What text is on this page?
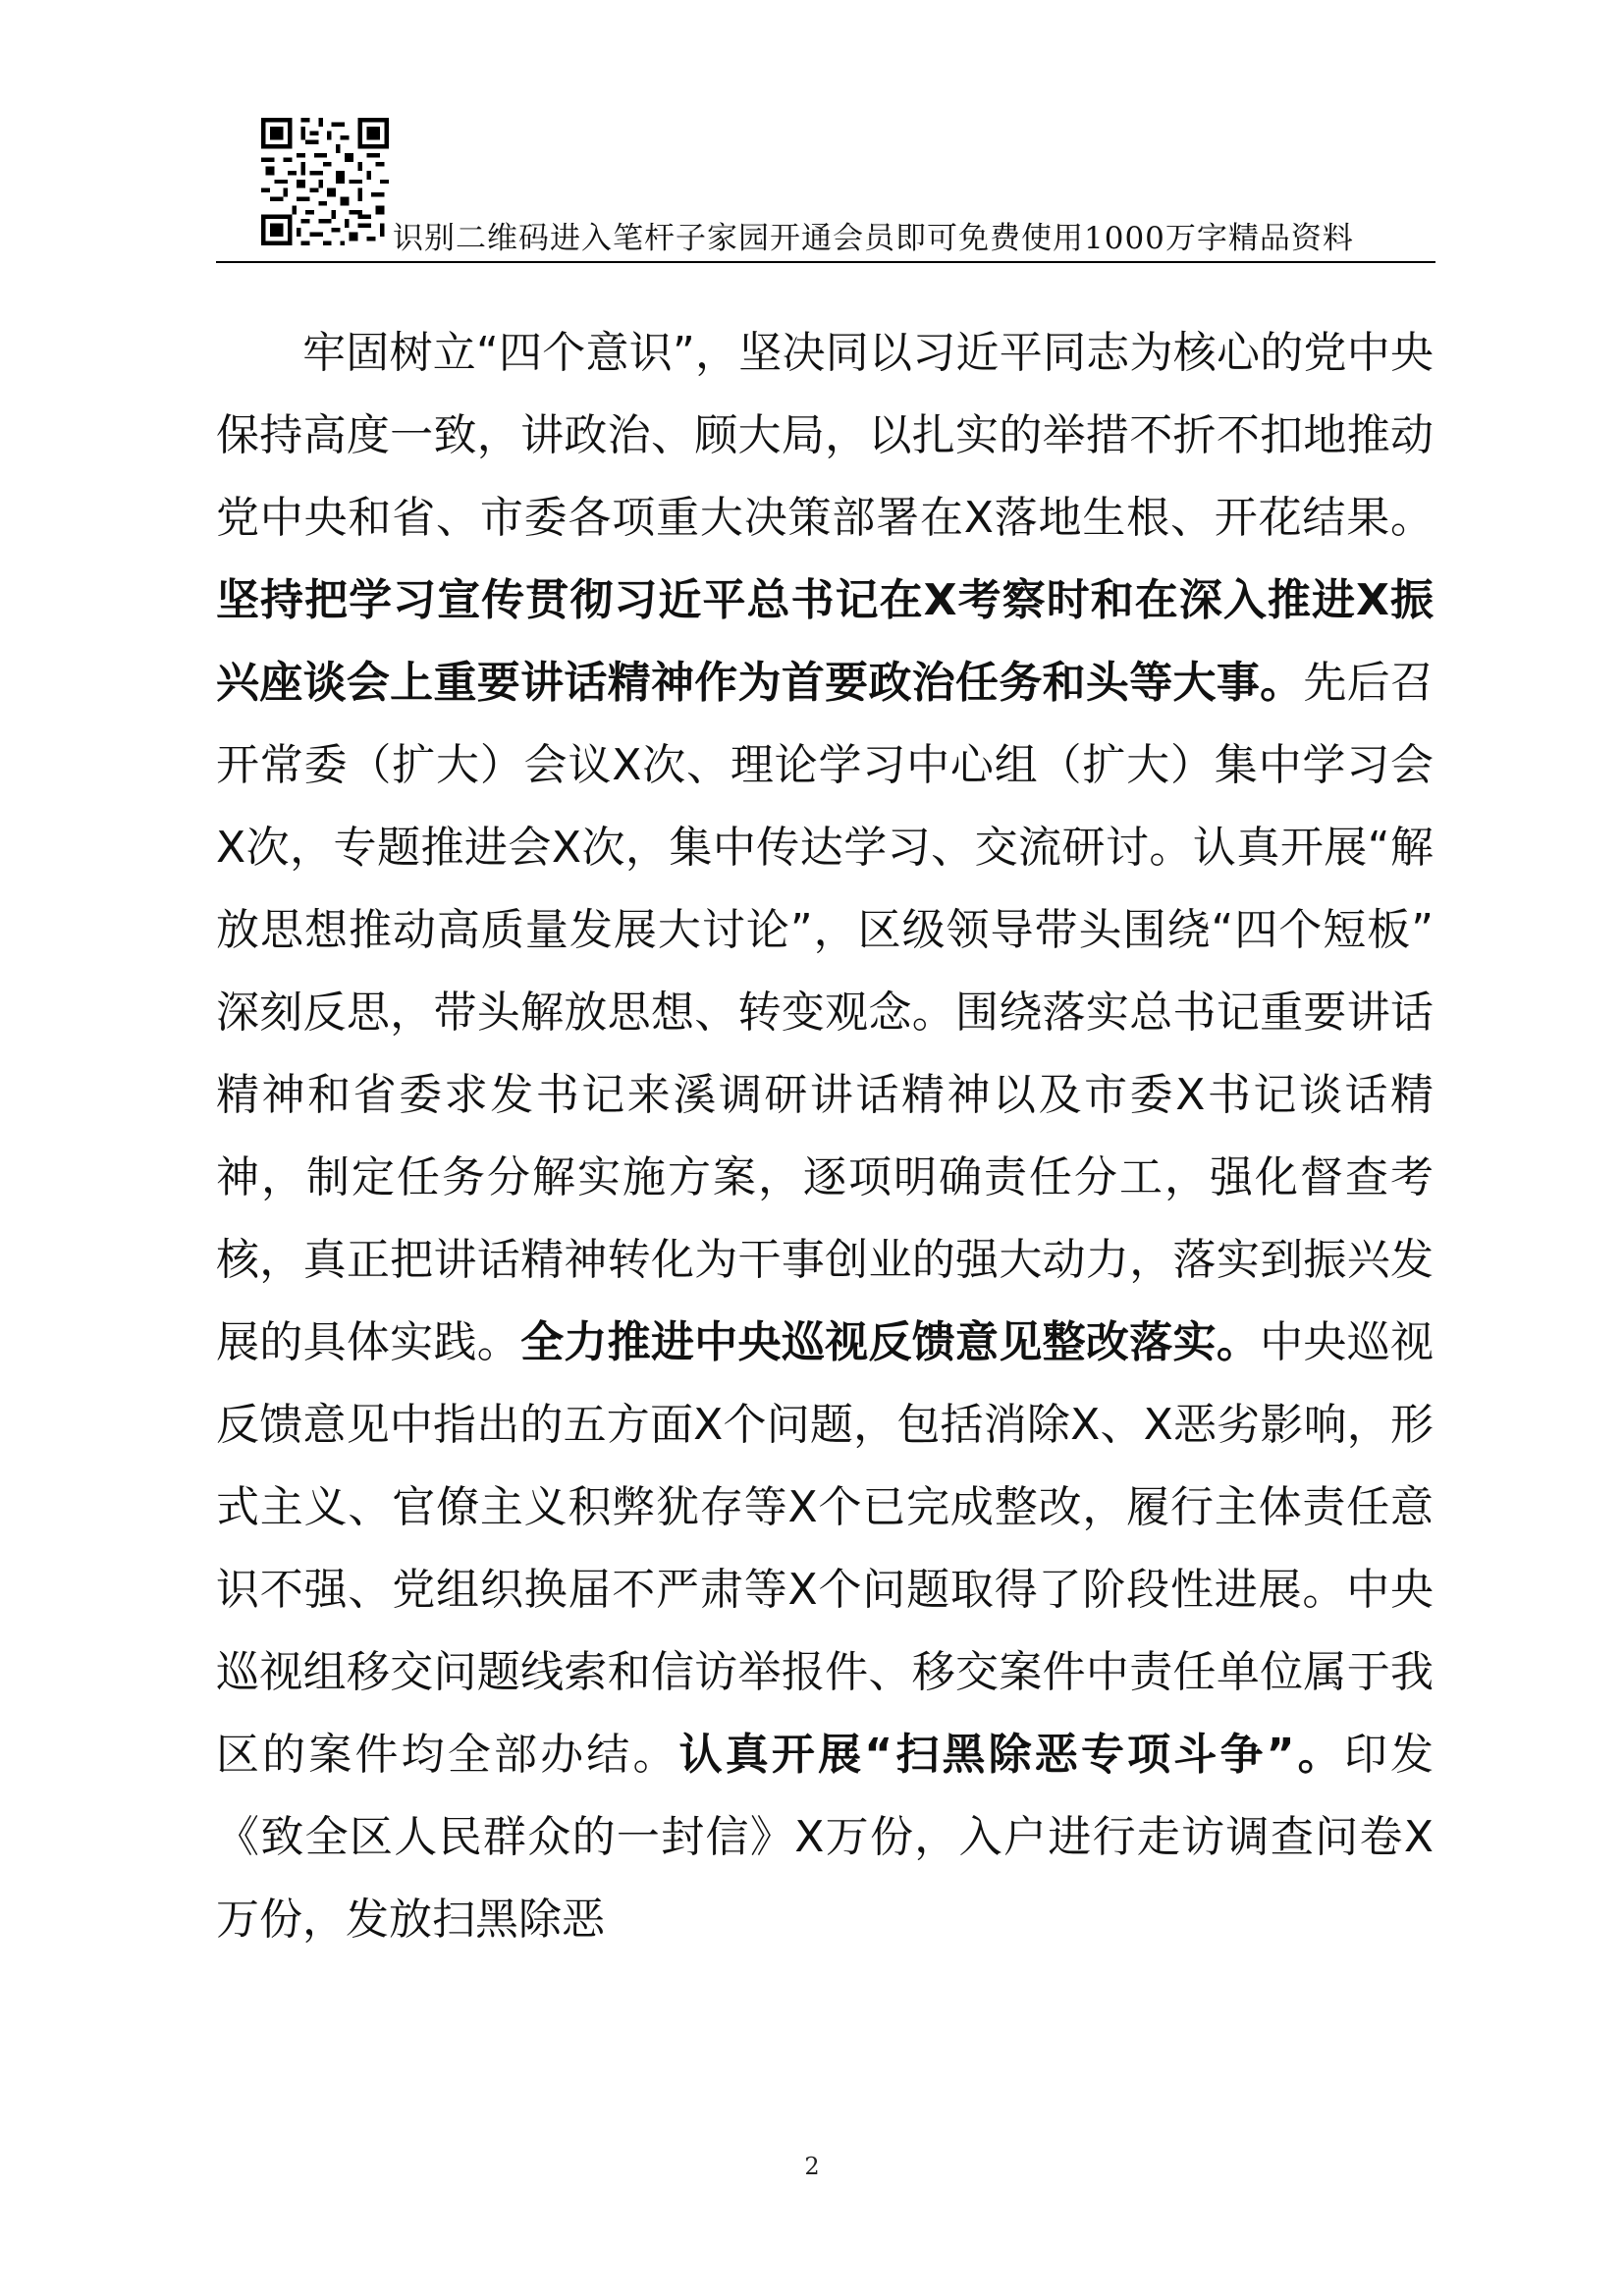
识别二维码进入笔杆子家园开通会员即可免费使用1000万字精品资料

牢固树立“四个意识”，坚决同以习近平同志为核心的党中央保持高度一致，讲政治、顾大局，以扎实的举措不折不扣地推动党中央和省、市委各项重大决策部署在X落地生根、开花结果。坚持把学习宣传贯彻习近平总书记在X考察时和在深入推进X振兴座谈会上重要讲话精神作为首要政治任务和头等大事。先后召开常委（扩大）会议X次、理论学习中心组（扩大）集中学习会X次，专题推进会X次，集中传达学习、交流研讨。认真开展“解放思想推动高质量发展大讨论”，区级领导带头围绕“四个短板” 深刻反思，带头解放思想、转变观念。围绕落实总书记重要讲话精神和省委求发书记来溪调研讲话精神以及市委X书记谈话精神，制定任务分解实施方案，逐项明确责任分工，强化督查考核，真正把讲话精神转化为干事创业的强大动力，落实到振兴发展的具体实践。全力推进中央巡视反馈意见整改落实。中央巡视反馈意见中指出的五方面X个问题，包括消除X、X恶劣影响，形式主义、官僚主义积弊犹存等X个已完成整改，履行主体责任意识不强、党组织换届不严肃等X个问题取得了阶段性进展。中央巡视组移交问题线索和信访举报件、移交案件中责任单位属于我区的案件均全部办结。认真开展“扫黑除恶专项斗争”。印发《致全区人民群众的一封信》X万份，入户进行走访调查问卷X万份，发放扫黑除恶

2
